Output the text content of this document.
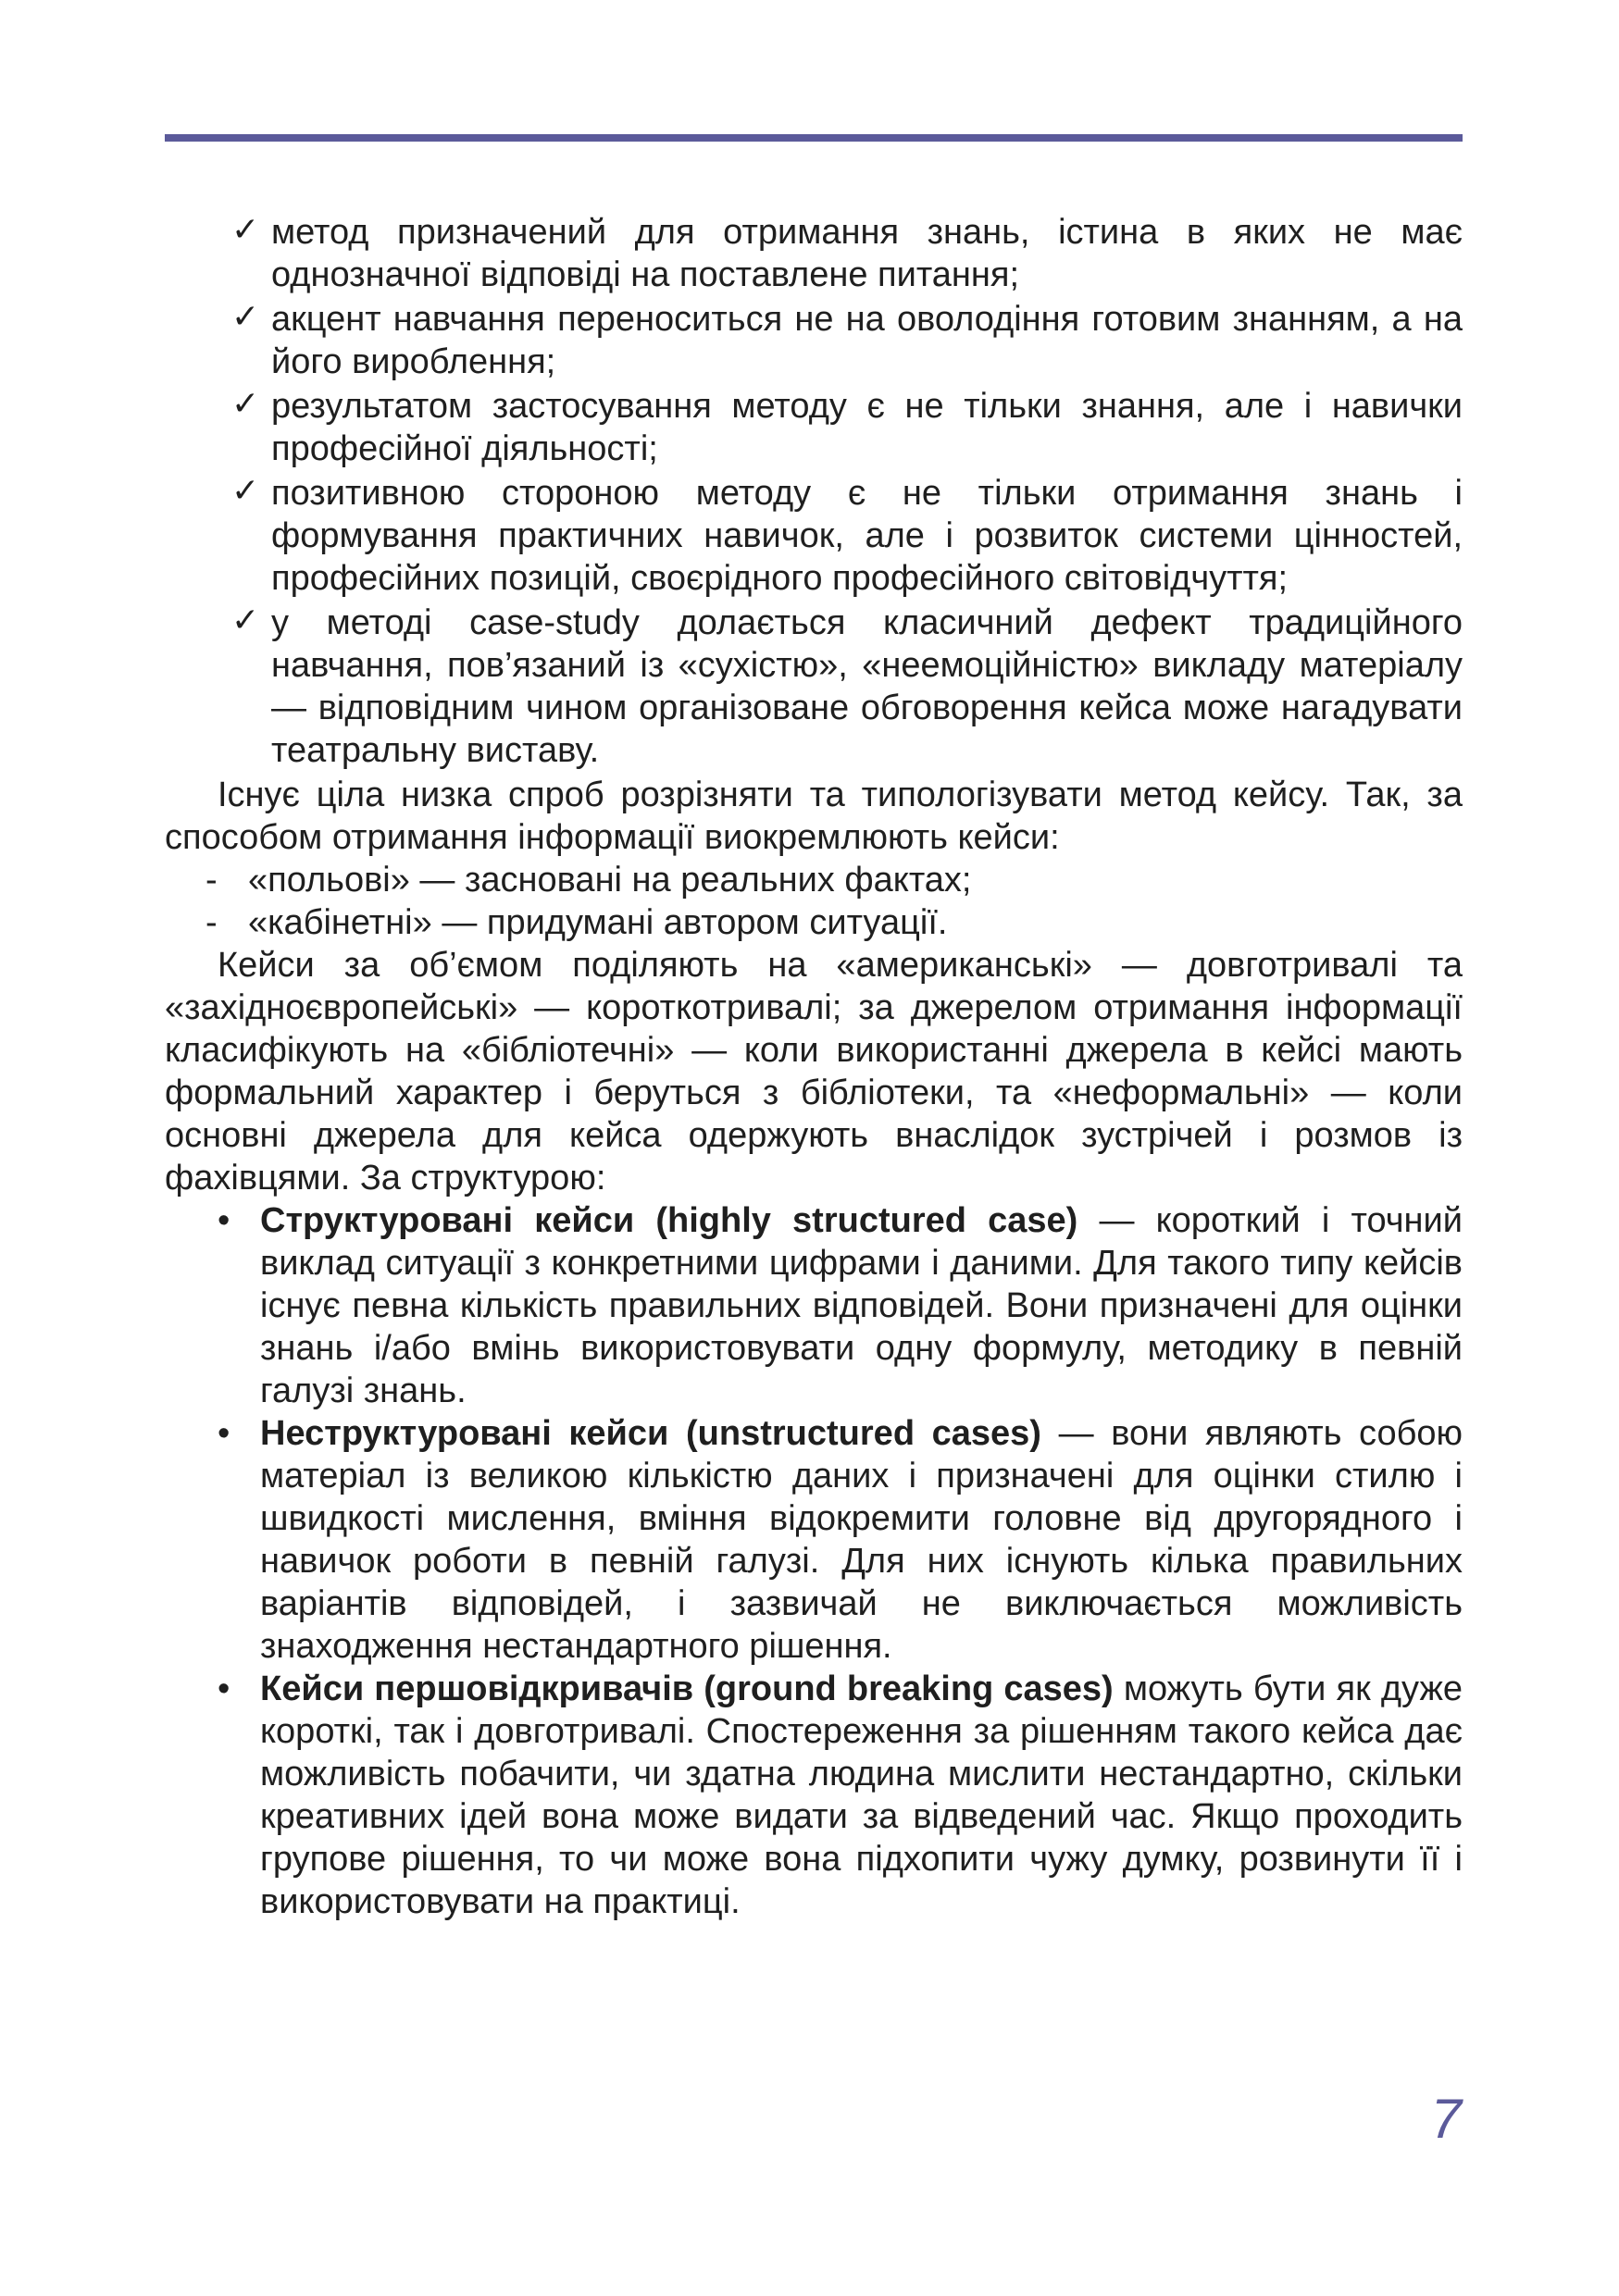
✓ метод призначений для отримання знань, істина в яких не має однозначної відповіді на поставлене питання;
✓ акцент навчання переноситься не на оволодіння готовим знанням, а на його вироблення;
✓ результатом застосування методу є не тільки знання, але і навички професійної діяльності;
✓ позитивною стороною методу є не тільки отримання знань і формування практичних навичок, але і розвиток системи цінностей, професійних позицій, своєрідного професійного світовідчуття;
✓ у методі case-study долається класичний дефект традиційного навчання, пов’язаний із «сухістю», «неемоційністю» викладу матеріалу — відповідним чином організоване обговорення кейса може нагадувати театральну виставу.

Існує ціла низка спроб розрізняти та типологізувати метод кейсу. Так, за способом отримання інформації виокремлюють кейси:

- «польові» — засновані на реальних фактах;
- «кабінетні» — придумані автором ситуації.

Кейси за об’ємом поділяють на «американські» — довготривалі та «західноєвропейські» — короткотривалі; за джерелом отримання інформації класифікують на «бібліотечні» — коли використанні джерела в кейсі мають формальний характер і беруться з бібліотеки, та «неформальні» — коли основні джерела для кейса одержують внаслідок зустрічей і розмов із фахівцями. За структурою:

• Структуровані кейси (highly structured case) — короткий і точний виклад ситуації з конкретними цифрами і даними. Для такого типу кейсів існує певна кількість правильних відповідей. Вони призначені для оцінки знань і/або вмінь використовувати одну формулу, методику в певній галузі знань.
• Неструктуровані кейси (unstructured cases) — вони являють собою матеріал із великою кількістю даних і призначені для оцінки стилю і швидкості мислення, вміння відокремити головне від другорядного і навичок роботи в певній галузі. Для них існують кілька правильних варіантів відповідей, і зазвичай не виключається можливість знаходження нестандартного рішення.
• Кейси першовідкривачів (ground breaking cases) можуть бути як дуже короткі, так і довготривалі. Спостереження за рішенням такого кейса дає можливість побачити, чи здатна людина мислити нестандартно, скільки креативних ідей вона може видати за відведений час. Якщо проходить групове рішення, то чи може вона підхопити чужу думку, розвинути її і використовувати на практиці.
7
